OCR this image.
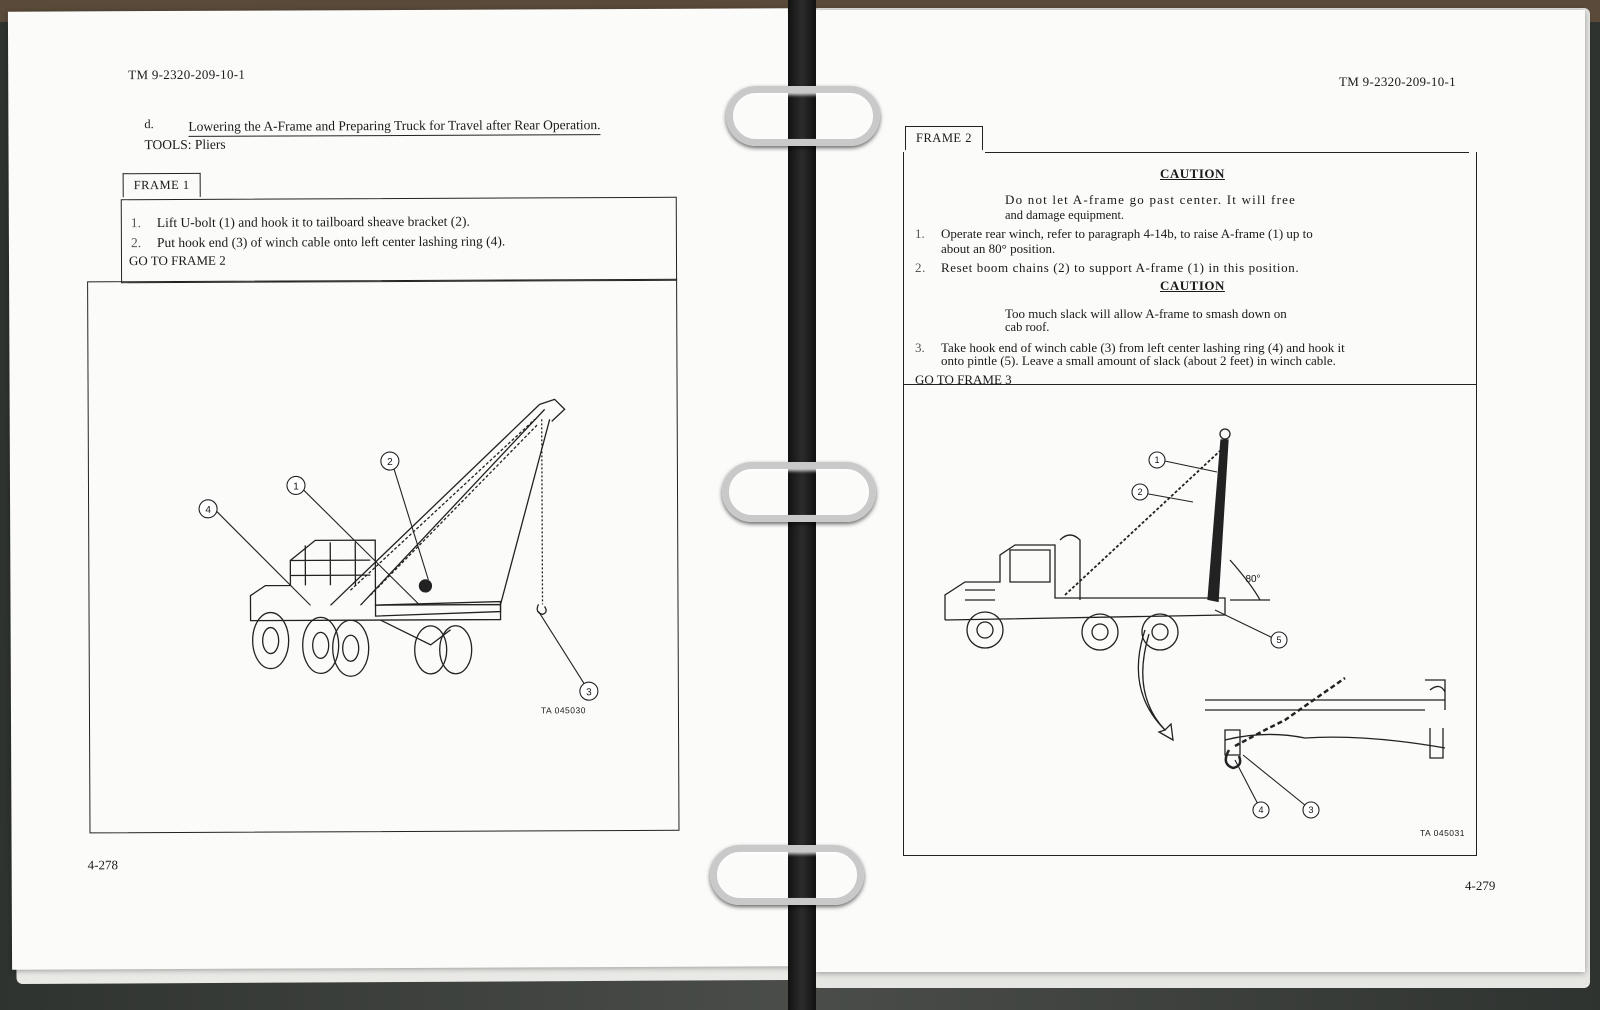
TM 9-2320-209-10-1
d.	Lowering the A-Frame and Preparing Truck for Travel after Rear Operation.
TOOLS: Pliers
FRAME 1
1. Lift U-bolt (1) and hook it to tailboard sheave bracket (2).
2. Put hook end (3) of winch cable onto left center lashing ring (4).
GO TO FRAME 2
4
1
2
3
TA 045030
4-278
TM 9-2320-209-10-1
FRAME 2
CAUTION
Do not let A-frame go past center. It will free
and damage equipment.
1. Operate rear winch, refer to paragraph 4-14b, to raise A-frame (1) up to
about an 80° position.
2. Reset boom chains (2) to support A-frame (1) in this position.
CAUTION
Too much slack will allow A-frame to smash down on
cab roof.
3. Take hook end of winch cable (3) from left center lashing ring (4) and hook it
onto pintle (5). Leave a small amount of slack (about 2 feet) in winch cable.
GO TO FRAME 3
1
2
5
4	3
80°
TA 045031
4-279
